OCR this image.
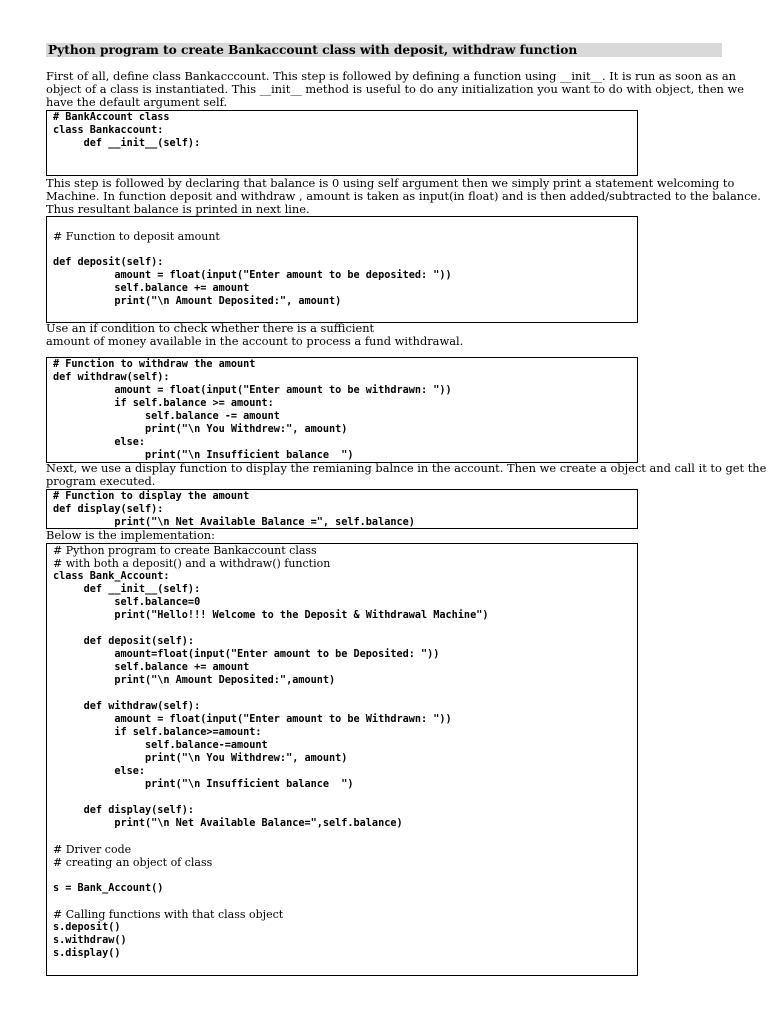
Python program to create Bankaccount class with deposit, withdraw function
First of all, define class Bankacccount. This step is followed by defining a function using __init__. It is run as soon as an
object of a class is instantiated. This __init__ method is useful to do any initialization you want to do with object, then we
have the default argument self.
# BankAccount class
class Bankaccount:
def __init__(self):
This step is followed by declaring that balance is 0 using self argument then we simply print a statement welcoming to
Machine. In function deposit and withdraw , amount is taken as input(in float) and is then added/subtracted to the balance.
Thus resultant balance is printed in next line.
# Function to deposit amount
def deposit(self):
amount = float(input("Enter amount to be deposited: "))
self.balance += amount
print("\n Amount Deposited:", amount)
Use an if condition to check whether there is a sufficient
amount of money available in the account to process a fund withdrawal.
# Function to withdraw the amount
def withdraw(self):
amount = float(input("Enter amount to be withdrawn: "))
if self.balance >= amount:
self.balance -= amount
print("\n You Withdrew:", amount)
else:
print("\n Insufficient balance  ")
Next, we use a display function to display the remianing balnce in the account. Then we create a object and call it to get the
program executed.
# Function to display the amount
def display(self):
print("\n Net Available Balance =", self.balance)
Below is the implementation:
# Python program to create Bankaccount class
# with both a deposit() and a withdraw() function
class Bank_Account:
def __init__(self):
self.balance=0
print("Hello!!! Welcome to the Deposit & Withdrawal Machine")
def deposit(self):
amount=float(input("Enter amount to be Deposited: "))
self.balance += amount
print("\n Amount Deposited:",amount)
def withdraw(self):
amount = float(input("Enter amount to be Withdrawn: "))
if self.balance>=amount:
self.balance-=amount
print("\n You Withdrew:", amount)
else:
print("\n Insufficient balance  ")
def display(self):
print("\n Net Available Balance=",self.balance)
# Driver code
# creating an object of class
s = Bank_Account()
# Calling functions with that class object
s.deposit()
s.withdraw()
s.display()
